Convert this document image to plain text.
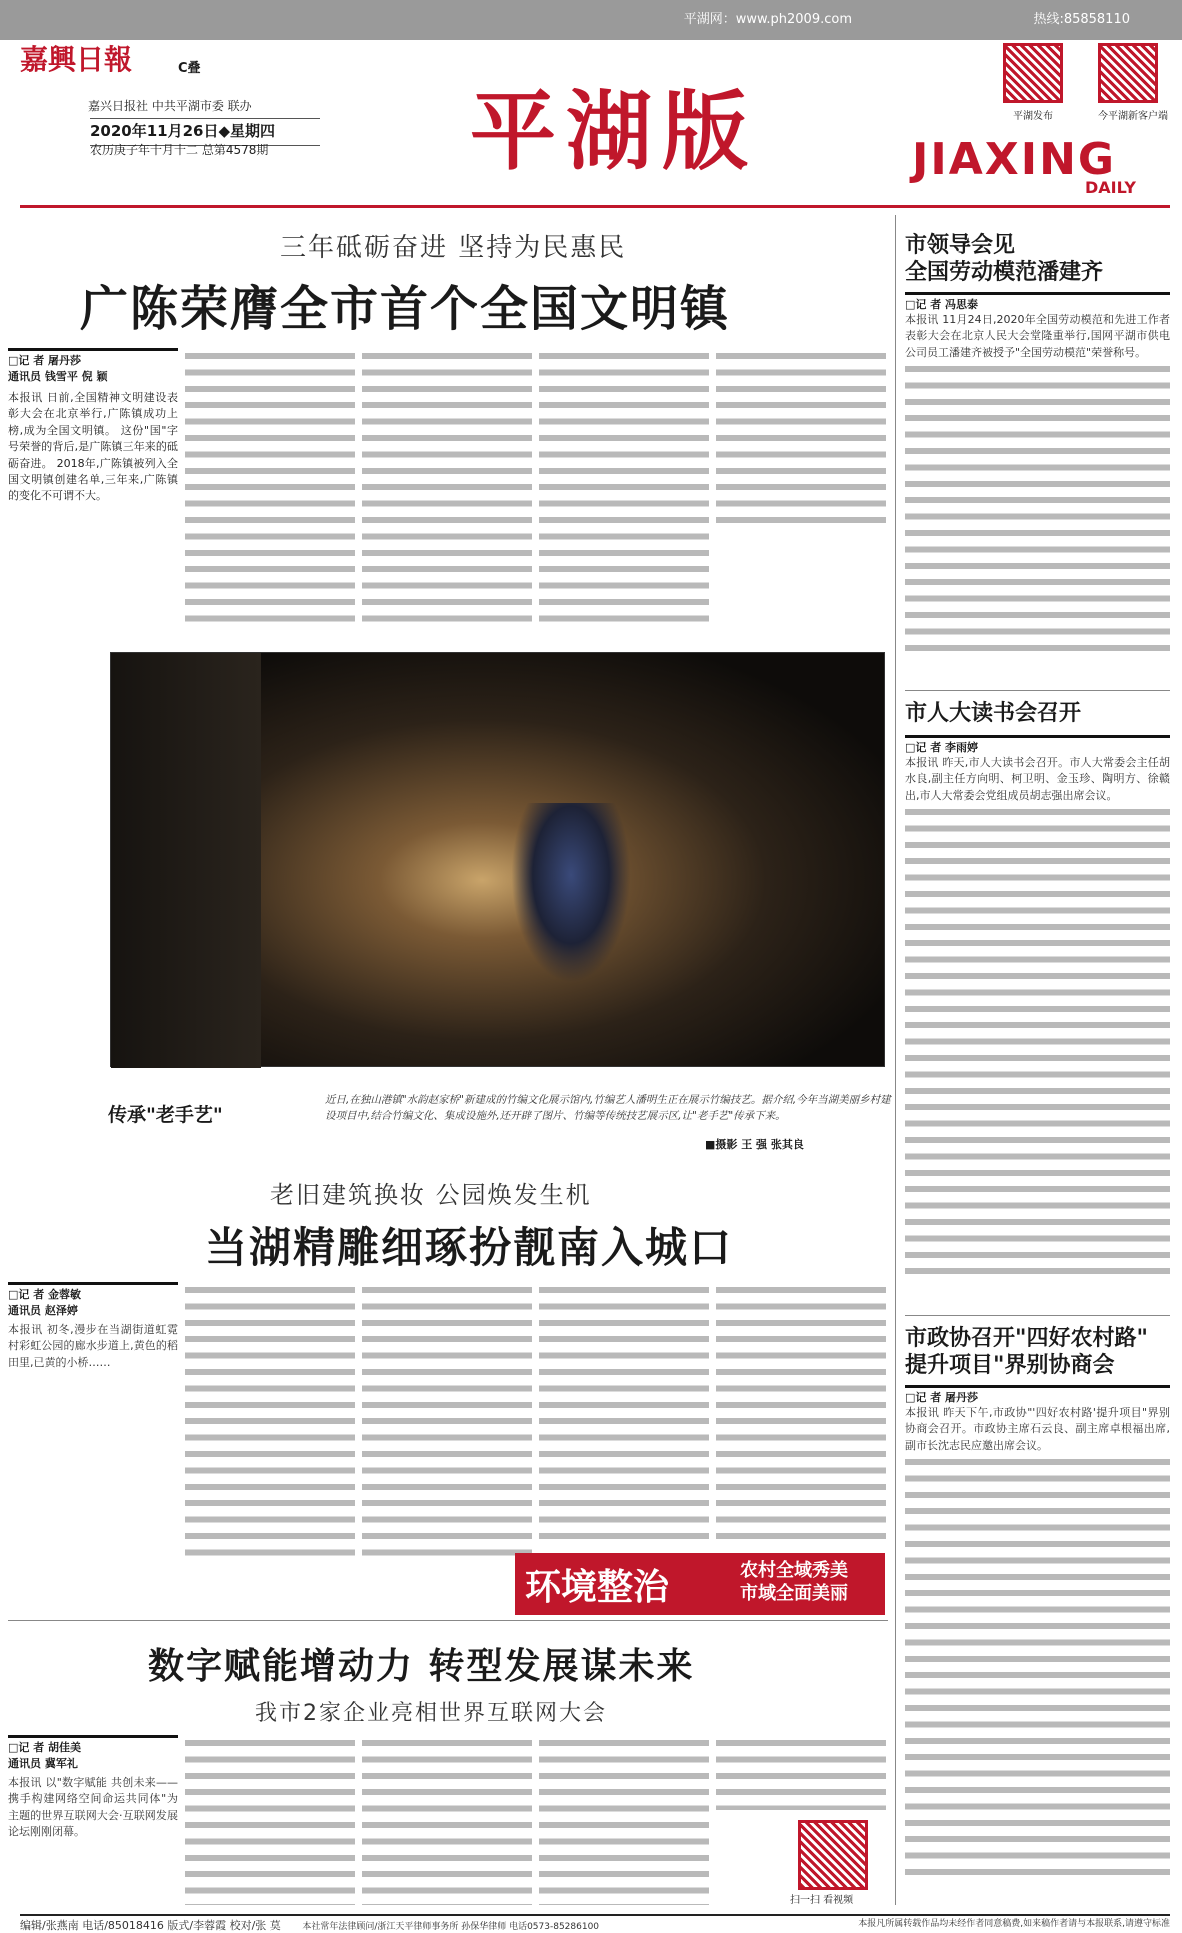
平湖网：www.ph2009.com	热线:85858110
嘉興日報	C叠
嘉兴日报社 中共平湖市委 联办
2020年11月26日◆星期四
农历庚子年十月十二 总第4578期 平湖版	平湖发布	今平湖新客户端
JIAXING
DAILY
三年砥砺奋进 坚持为民惠民
广陈荣膺全市首个全国文明镇
□记 者 屠丹莎
通讯员 钱雪平 倪 颖
本报讯 日前,全国精神文明建设表彰大会在北京举行,广陈镇成功上榜,成为全国文明镇。 这份"国"字号荣誉的背后,是广陈镇三年来的砥砺奋进。 2018年,广陈镇被列入全国文明镇创建名单,三年来,广陈镇的变化不可谓不大。
传承"老手艺"
近日,在独山港镇"水韵赵家桥"新建成的竹编文化展示馆内,竹编艺人潘明生正在展示竹编技艺。据介绍,今年当湖美丽乡村建设项目中,结合竹编文化、集成设施外,还开辟了图片、竹编等传统技艺展示区,让"老手艺"传承下来。
■摄影 王 强 张其良
老旧建筑换妆 公园焕发生机
当湖精雕细琢扮靓南入城口
□记 者 金蓉敏
通讯员 赵泽婷
本报讯 初冬,漫步在当湖街道虹霓村彩虹公园的廊水步道上,黄色的稻田里,已黄的小桥……
环境整治	农村全域秀美
市域全面美丽
数字赋能增动力 转型发展谋未来
我市2家企业亮相世界互联网大会
□记 者 胡佳美
通讯员 冀军礼
本报讯 以"数字赋能 共创未来——携手构建网络空间命运共同体"为主题的世界互联网大会·互联网发展论坛刚刚闭幕。
扫一扫 看视频
市领导会见
全国劳动模范潘建齐
□记 者 冯思泰
本报讯 11月24日,2020年全国劳动模范和先进工作者表彰大会在北京人民大会堂隆重举行,国网平湖市供电公司员工潘建齐被授予"全国劳动模范"荣誉称号。
市人大读书会召开
□记 者 李雨婷
本报讯 昨天,市人大读书会召开。市人大常委会主任胡水良,副主任方向明、柯卫明、金玉珍、陶明方、徐赣出,市人大常委会党组成员胡志强出席会议。
市政协召开"四好农村路"
提升项目"界别协商会
□记 者 屠丹莎
本报讯 昨天下午,市政协"'四好农村路'提升项目"界别协商会召开。市政协主席石云良、副主席卓根福出席,副市长沈志民应邀出席会议。
编辑/张燕南 电话/85018416 版式/李蓉霞 校对/张 莫 本社常年法律顾问/浙江天平律师事务所 孙保华律师 电话0573-85286100	本报凡所属转载作品均未经作者同意稿费,如来稿作者请与本报联系,请遵守标准
